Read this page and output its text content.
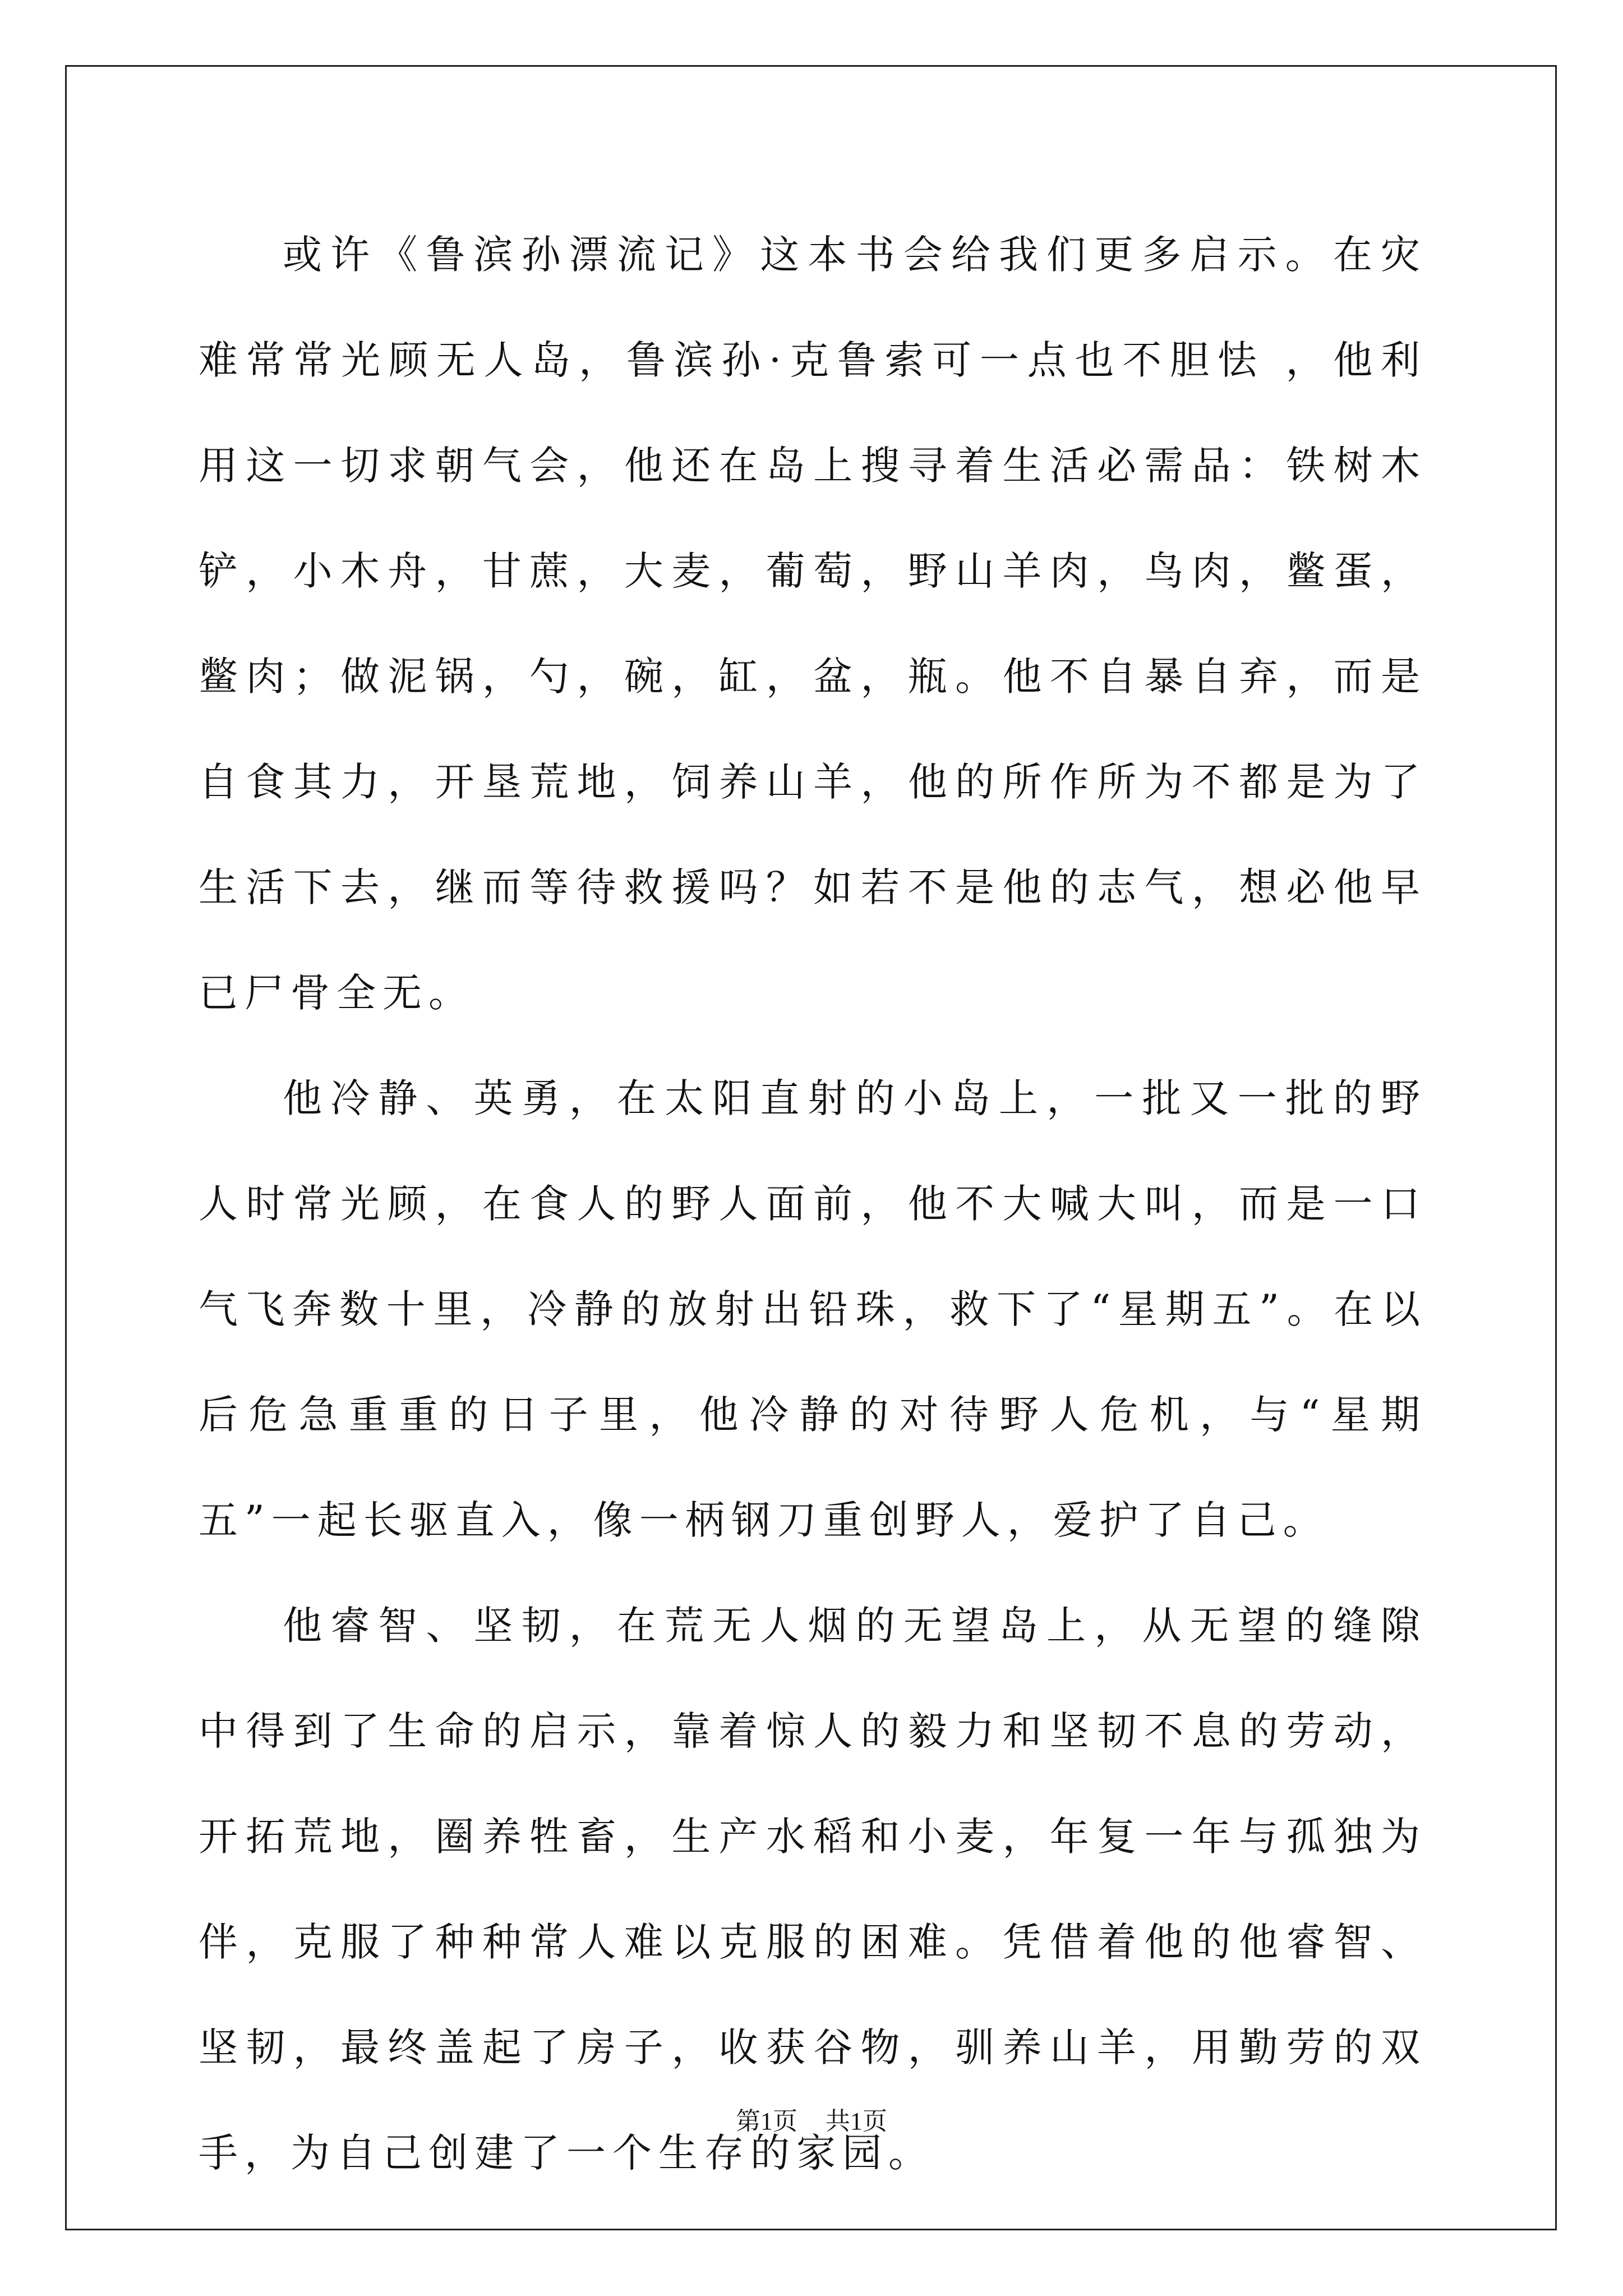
或许《鲁滨孙漂流记》这本书会给我们更多启示。在灾难常常光顾无人岛，鲁滨孙·克鲁索可一点也不胆怯 ，他利用这一切求朝气会，他还在岛上搜寻着生活必需品：铁树木铲，小木舟，甘蔗，大麦，葡萄，野山羊肉，鸟肉，鳖蛋，鳖肉；做泥锅，勺，碗，缸，盆，瓶。他不自暴自弃，而是自食其力，开垦荒地，饲养山羊，他的所作所为不都是为了生活下去，继而等待救援吗？如若不是他的志气，想必他早已尸骨全无。

他冷静、英勇，在太阳直射的小岛上，一批又一批的野人时常光顾，在食人的野人面前，他不大喊大叫，而是一口气飞奔数十里，冷静的放射出铅珠，救下了“星期五”。在以后危急重重的日子里，他冷静的对待野人危机，与“星期五”一起长驱直入，像一柄钢刀重创野人，爱护了自己。

他睿智、坚韧，在荒无人烟的无望岛上，从无望的缝隙中得到了生命的启示，靠着惊人的毅力和坚韧不息的劳动，开拓荒地，圈养牲畜，生产水稻和小麦，年复一年与孤独为伴，克服了种种常人难以克服的困难。凭借着他的他睿智、坚韧，最终盖起了房子，收获谷物，驯养山羊，用勤劳的双手，为自己创建了一个生存的家园。

第1页 共1页
